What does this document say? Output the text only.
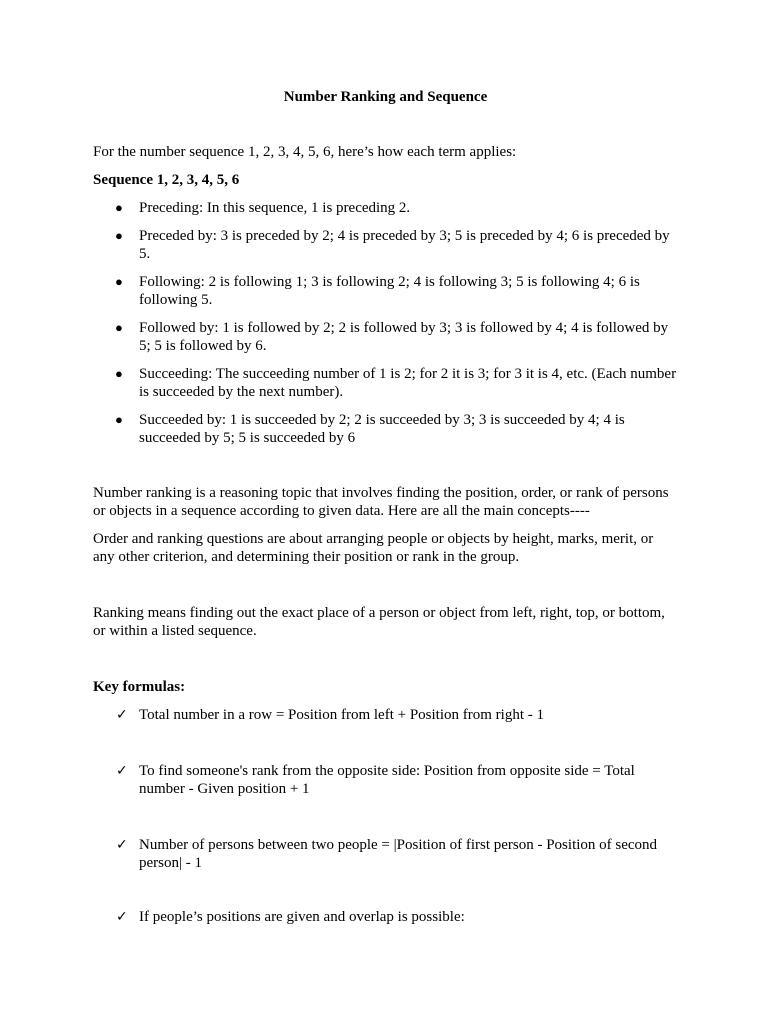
Number Ranking and Sequence

For the number sequence 1, 2, 3, 4, 5, 6, here’s how each term applies:

Sequence 1, 2, 3, 4, 5, 6

● Preceding: In this sequence, 1 is preceding 2.
● Preceded by: 3 is preceded by 2; 4 is preceded by 3; 5 is preceded by 4; 6 is preceded by 5.
● Following: 2 is following 1; 3 is following 2; 4 is following 3; 5 is following 4; 6 is following 5.
● Followed by: 1 is followed by 2; 2 is followed by 3; 3 is followed by 4; 4 is followed by 5; 5 is followed by 6.
● Succeeding: The succeeding number of 1 is 2; for 2 it is 3; for 3 it is 4, etc. (Each number is succeeded by the next number).
● Succeeded by: 1 is succeeded by 2; 2 is succeeded by 3; 3 is succeeded by 4; 4 is succeeded by 5; 5 is succeeded by 6

Number ranking is a reasoning topic that involves finding the position, order, or rank of persons or objects in a sequence according to given data. Here are all the main concepts----

Order and ranking questions are about arranging people or objects by height, marks, merit, or any other criterion, and determining their position or rank in the group.

Ranking means finding out the exact place of a person or object from left, right, top, or bottom, or within a listed sequence.

Key formulas:

✓ Total number in a row = Position from left + Position from right - 1
✓ To find someone's rank from the opposite side: Position from opposite side = Total number - Given position + 1
✓ Number of persons between two people = |Position of first person - Position of second person| - 1
✓ If people’s positions are given and overlap is possible:
